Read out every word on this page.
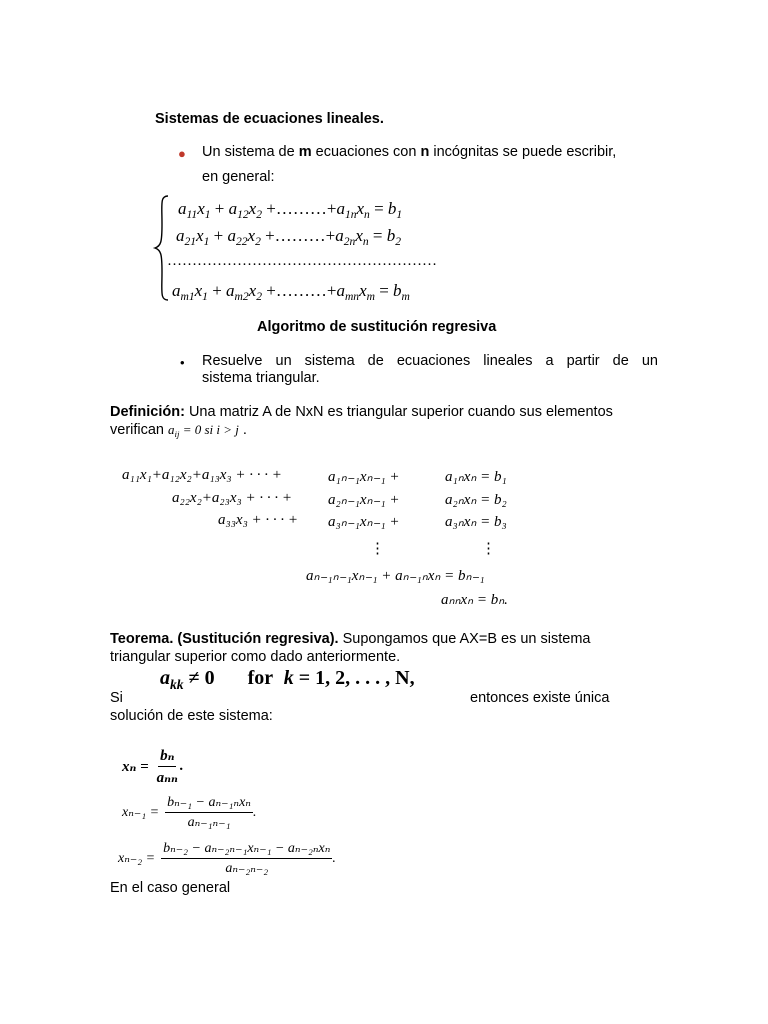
Sistemas de ecuaciones lineales.
● Un sistema de m ecuaciones con n incógnitas se puede escribir,
en general:
$a_{11}x_1 + a_{12}x_2$ $+\dots\dots\dots+a_{1n}x_n = b_1$
$a_{21}x_1 + a_{22}x_2$ $+\dots\dots\dots+a_{2n}x_n = b_2$
………………………………………………
$a_{m1}x_1 + a_{m2}x_2$ $+\dots\dots\dots+a_{mn}x_m = b_m$
Algoritmo de sustitución regresiva
• Resuelve un sistema de ecuaciones lineales a partir de un
sistema triangular.
Definición: Una matriz A de NxN es triangular superior cuando sus elementos
verifican $a_{ij} = 0$ si i > j .
a₁₁x₁+a₁₂x₂+a₁₃x₃ + · · · +	a₁ₙ₋₁xₙ₋₁ +	a₁ₙxₙ = b₁
a₂₂x₂+a₂₃x₃ + · · · + a₂ₙ₋₁xₙ₋₁ +	a₂ₙxₙ = b₂
a₃₃x₃ + · · · + a₃ₙ₋₁xₙ₋₁ +	a₃ₙxₙ = b₃
⋮	⋮
aₙ₋₁ₙ₋₁xₙ₋₁ + aₙ₋₁ₙxₙ = bₙ₋₁
aₙₙxₙ = bₙ.
Teorema. (Sustitución regresiva). Supongamos que AX=B es un sistema
triangular superior como dado anteriormente.
$a_{kk} \ne 0$ for k = 1, 2, . . . , N,
Si	entonces existe única
solución de este sistema:
$x_n = \frac{\text{bₙ}}{\text{aₙₙ}}$ .
$x_{n-1} = \frac{\text{bₙ₋₁ − aₙ₋₁ₙxₙ}}{\text{aₙ₋₁ₙ₋₁}}$ .
$x_{n-2} = \frac{\text{bₙ₋₂ − aₙ₋₂ₙ₋₁xₙ₋₁ − aₙ₋₂ₙxₙ}}{\text{aₙ₋₂ₙ₋₂}}$ .
En el caso general
